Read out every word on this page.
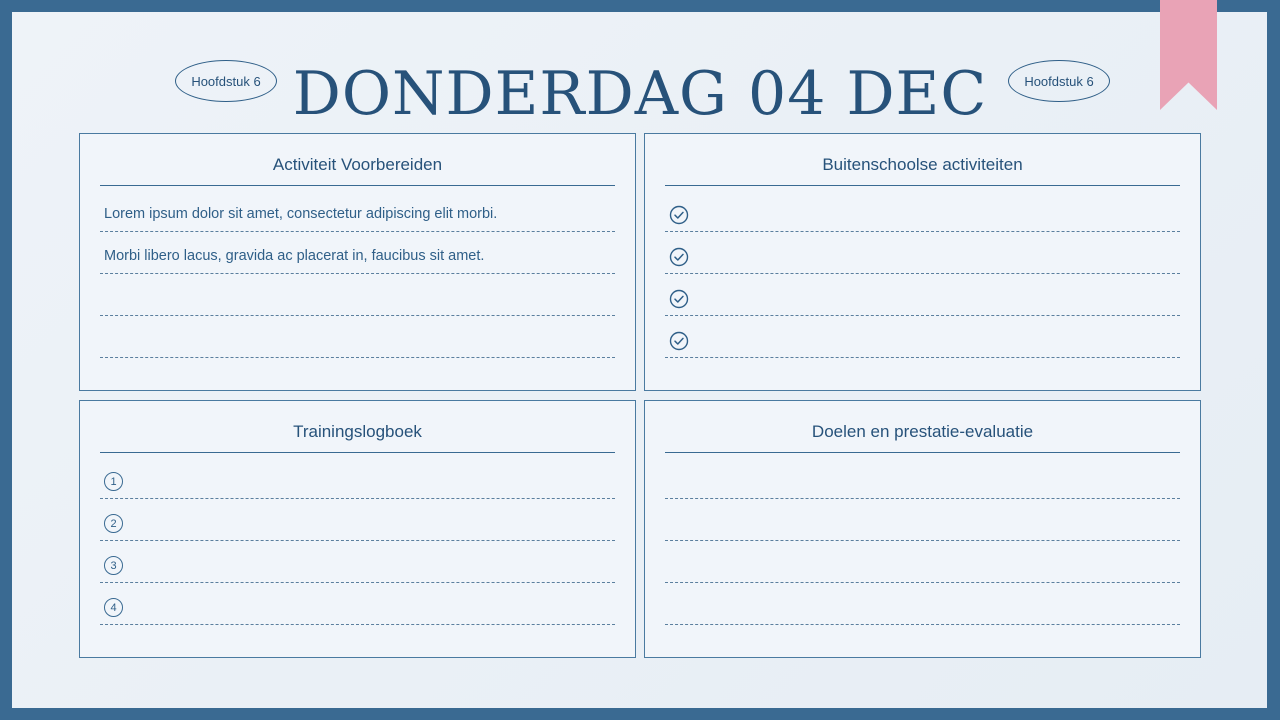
Hoofdstuk 6 DONDERDAG 04 DEC	Hoofdstuk 6
Activiteit Voorbereiden
Lorem ipsum dolor sit amet, consectetur adipiscing elit morbi.
Morbi libero lacus, gravida ac placerat in, faucibus sit amet.
Buitenschoolse activiteiten
Trainingslogboek
1
2
3
4
Doelen en prestatie-evaluatie
